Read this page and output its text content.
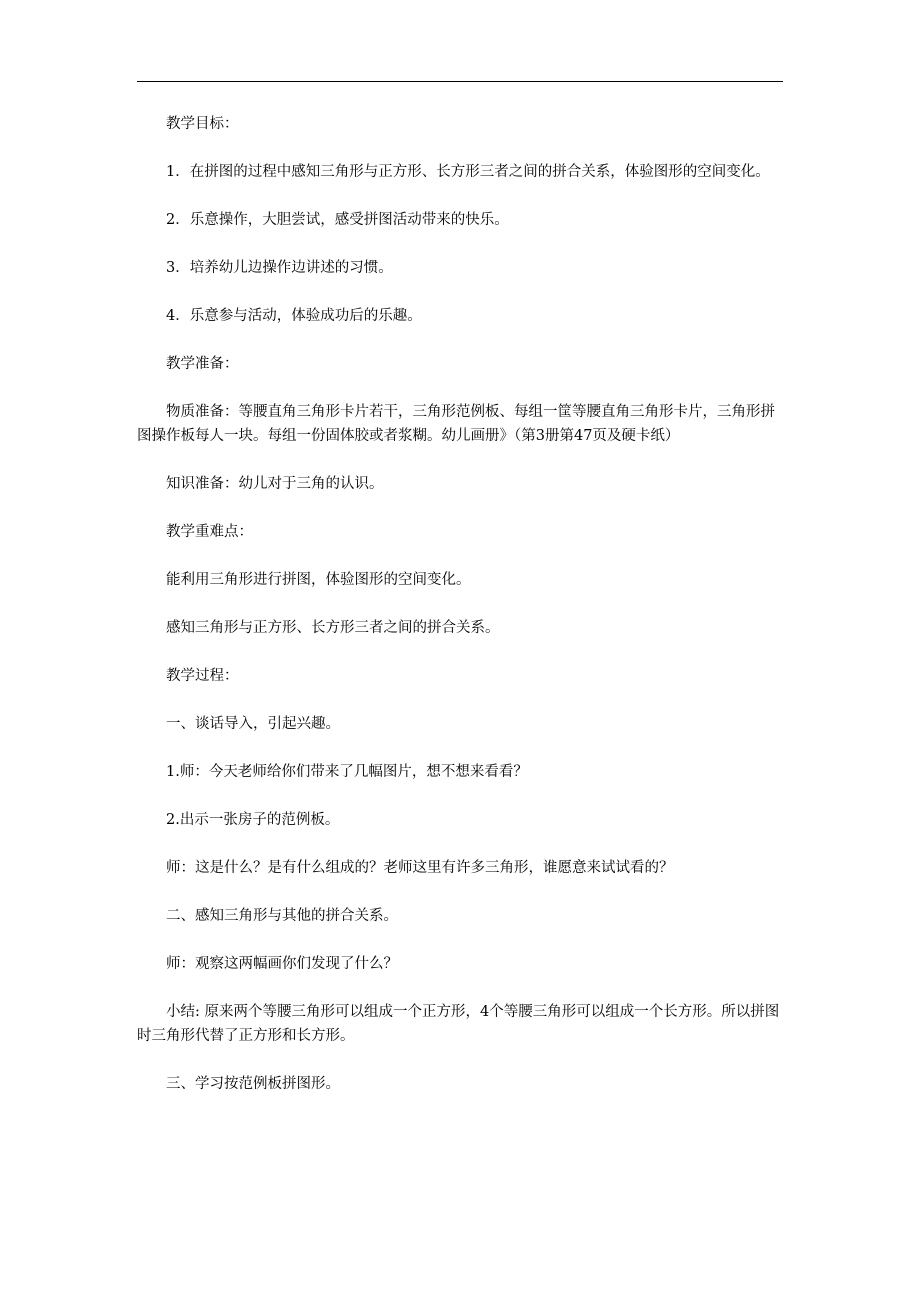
教学目标：

1．在拼图的过程中感知三角形与正方形、长方形三者之间的拼合关系，体验图形的空间变化。

2．乐意操作，大胆尝试，感受拼图活动带来的快乐。

3．培养幼儿边操作边讲述的习惯。

4．乐意参与活动，体验成功后的乐趣。

教学准备：

物质准备：等腰直角三角形卡片若干，三角形范例板、每组一筐等腰直角三角形卡片，三角形拼图操作板每人一块。每组一份固体胶或者浆糊。幼儿画册》（第3册第47页及硬卡纸）

知识准备：幼儿对于三角的认识。

教学重难点：

能利用三角形进行拼图，体验图形的空间变化。

感知三角形与正方形、长方形三者之间的拼合关系。

教学过程：

一、谈话导入，引起兴趣。

1.师：今天老师给你们带来了几幅图片，想不想来看看？

2.出示一张房子的范例板。

师：这是什么？是有什么组成的？老师这里有许多三角形，谁愿意来试试看的？

二、感知三角形与其他的拼合关系。

师：观察这两幅画你们发现了什么？

小结: 原来两个等腰三角形可以组成一个正方形，4个等腰三角形可以组成一个长方形。所以拼图时三角形代替了正方形和长方形。

三、学习按范例板拼图形。
